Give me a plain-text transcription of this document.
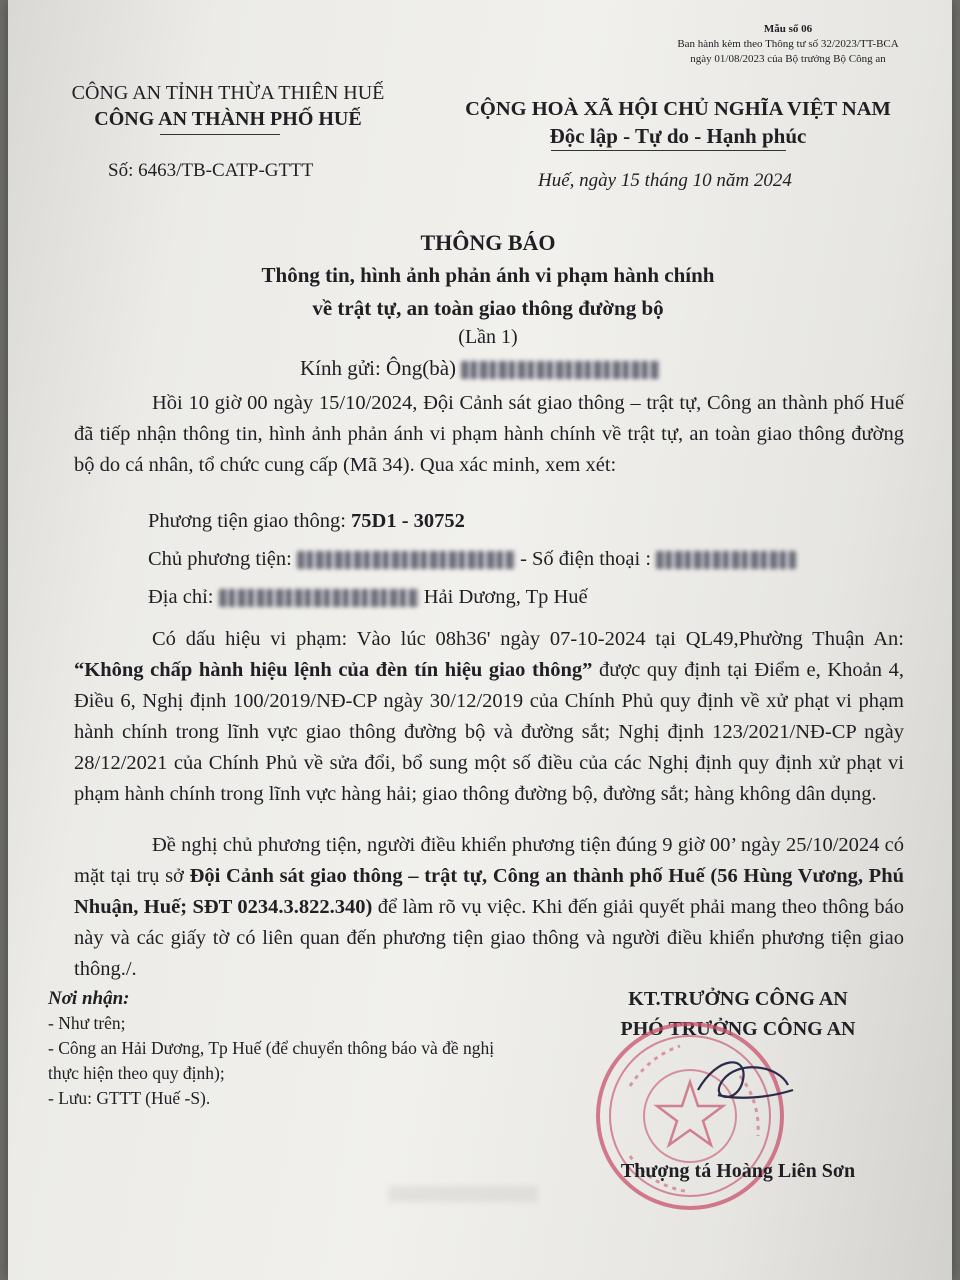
Mẫu số 06
Ban hành kèm theo Thông tư số 32/2023/TT-BCA
ngày 01/08/2023 của Bộ trưởng Bộ Công an
CÔNG AN TỈNH THỪA THIÊN HUẾ
CÔNG AN THÀNH PHỐ HUẾ	CỘNG HOÀ XÃ HỘI CHỦ NGHĨA VIỆT NAM
Độc lập - Tự do - Hạnh phúc
Số: 6463/TB-CATP-GTTT	Huế, ngày 15 tháng 10 năm 2024
THÔNG BÁO
Thông tin, hình ảnh phản ánh vi phạm hành chính
về trật tự, an toàn giao thông đường bộ
(Lần 1)
Kính gửi: Ông(bà)
Hồi 10 giờ 00 ngày 15/10/2024, Đội Cảnh sát giao thông – trật tự, Công an thành phố Huế đã tiếp nhận thông tin, hình ảnh phản ánh vi phạm hành chính về trật tự, an toàn giao thông đường bộ do cá nhân, tổ chức cung cấp (Mã 34). Qua xác minh, xem xét:
Phương tiện giao thông: 75D1 - 30752
Chủ phương tiện:	- Số điện thoại :
Địa chỉ:	Hải Dương, Tp Huế
Có dấu hiệu vi phạm: Vào lúc 08h36' ngày 07-10-2024 tại QL49,Phường Thuận An: “Không chấp hành hiệu lệnh của đèn tín hiệu giao thông” được quy định tại Điểm e, Khoản 4, Điều 6, Nghị định 100/2019/NĐ-CP ngày 30/12/2019 của Chính Phủ quy định về xử phạt vi phạm hành chính trong lĩnh vực giao thông đường bộ và đường sắt; Nghị định 123/2021/NĐ-CP ngày 28/12/2021 của Chính Phủ về sửa đổi, bổ sung một số điều của các Nghị định quy định xử phạt vi phạm hành chính trong lĩnh vực hàng hải; giao thông đường bộ, đường sắt; hàng không dân dụng.
Đề nghị chủ phương tiện, người điều khiển phương tiện đúng 9 giờ 00’ ngày 25/10/2024 có mặt tại trụ sở Đội Cảnh sát giao thông – trật tự, Công an thành phố Huế (56 Hùng Vương, Phú Nhuận, Huế; SĐT 0234.3.822.340) để làm rõ vụ việc. Khi đến giải quyết phải mang theo thông báo này và các giấy tờ có liên quan đến phương tiện giao thông và người điều khiển phương tiện giao thông./.
Nơi nhận:
- Như trên;
- Công an Hải Dương, Tp Huế (để chuyển thông báo và đề nghị thực hiện theo quy định);
- Lưu: GTTT (Huế -S).
KT.TRƯỞNG CÔNG AN
PHÓ TRƯỞNG CÔNG AN
Thượng tá Hoàng Liên Sơn
